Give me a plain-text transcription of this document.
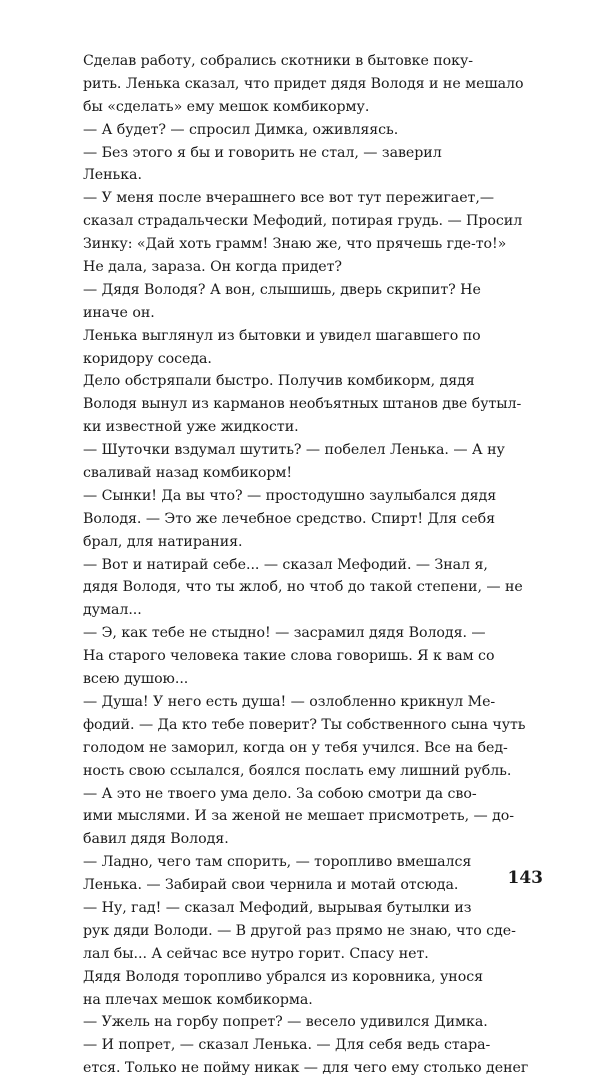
Сделав работу, собрались скотники в бытовке поку-
рить. Ленька сказал, что придет дядя Володя и не мешало
бы «сделать» ему мешок комбикорму.
— А будет? — спросил Димка, оживляясь.
— Без этого я бы и говорить не стал, — заверил
Ленька.
— У меня после вчерашнего все вот тут пережигает,—
сказал страдальчески Мефодий, потирая грудь. — Просил
Зинку: «Дай хоть грамм! Знаю же, что прячешь где-то!»
Не дала, зараза. Он когда придет?
— Дядя Володя? А вон, слышишь, дверь скрипит? Не
иначе он.
Ленька выглянул из бытовки и увидел шагавшего по
коридору соседа.
Дело обстряпали быстро. Получив комбикорм, дядя
Володя вынул из карманов необъятных штанов две бутыл-
ки известной уже жидкости.
— Шуточки вздумал шутить? — побелел Ленька. — А ну
сваливай назад комбикорм!
— Сынки! Да вы что? — простодушно заулыбался дядя
Володя. — Это же лечебное средство. Спирт! Для себя
брал, для натирания.
— Вот и натирай себе... — сказал Мефодий. — Знал я,
дядя Володя, что ты жлоб, но чтоб до такой степени, — не
думал...
— Э, как тебе не стыдно! — засрамил дядя Володя. —
На старого человека такие слова говоришь. Я к вам со
всею душою...
— Душа! У него есть душа! — озлобленно крикнул Ме-
фодий. — Да кто тебе поверит? Ты собственного сына чуть
голодом не заморил, когда он у тебя учился. Все на бед-
ность свою ссылался, боялся послать ему лишний рубль.
— А это не твоего ума дело. За собою смотри да сво-
ими мыслями. И за женой не мешает присмотреть, — до-
бавил дядя Володя.
— Ладно, чего там спорить, — торопливо вмешался
Ленька. — Забирай свои чернила и мотай отсюда.
— Ну, гад! — сказал Мефодий, вырывая бутылки из
рук дяди Володи. — В другой раз прямо не знаю, что сде-
лал бы... А сейчас все нутро горит. Спасу нет.
Дядя Володя торопливо убрался из коровника, унося
на плечах мешок комбикорма.
— Ужель на горбу попрет? — весело удивился Димка.
— И попрет, — сказал Ленька. — Для себя ведь стара-
ется. Только не пойму никак — для чего ему столько денег
143
